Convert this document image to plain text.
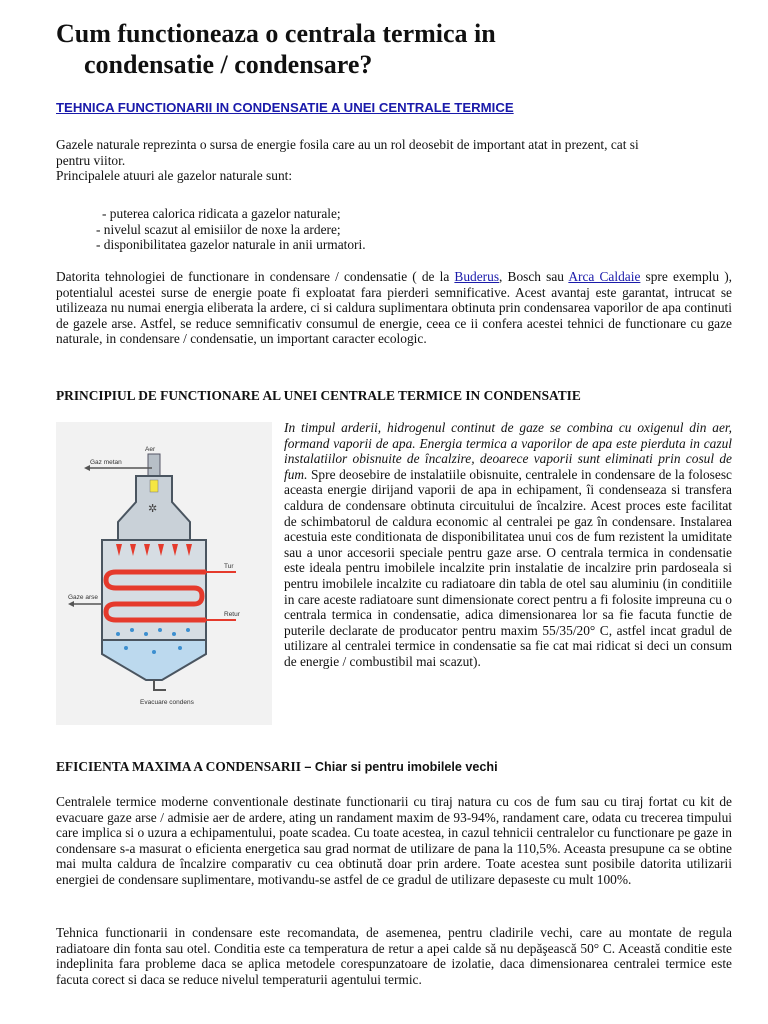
Cum functioneaza o centrala termica in
condensatie / condensare?
TEHNICA FUNCTIONARII IN CONDENSATIE A UNEI CENTRALE TERMICE

Gazele naturale reprezinta o sursa de energie fosila care au un rol deosebit de important atat in prezent, cat si

pentru viitor.

Principalele atuuri ale gazelor naturale sunt:

- puterea calorica ridicata a gazelor naturale;

- nivelul scazut al emisiilor de noxe la ardere;

- disponibilitatea gazelor naturale in anii urmatori.

Datorita tehnologiei de functionare in condensare / condensatie ( de la Buderus, Bosch sau Arca Caldaie spre exemplu ), potentialul acestei surse de energie poate fi exploatat fara pierderi semnificative. Acest avantaj este garantat, intrucat se utilizeaza nu numai energia eliberata la ardere, ci si caldura suplimentara obtinuta prin condensarea vaporilor de apa continuti de gazele arse. Astfel, se reduce semnificativ consumul de energie, ceea ce ii confera acestei tehnici de functionare cu gaze naturale, in condensare / condensatie, un important caracter ecologic.

PRINCIPIUL DE FUNCTIONARE AL UNEI CENTRALE TERMICE IN CONDENSATIE
Aer
Gaz metan
✲
Tur
Retur
Gaze arse
Evacuare condens

In timpul arderii, hidrogenul continut de gaze se combina cu oxigenul din aer, formand vaporii de apa. Energia termica a vaporilor de apa este pierduta in cazul instalatiilor obisnuite de încalzire, deoarece vaporii sunt eliminati prin cosul de fum. Spre deosebire de instalatiile obisnuite, centralele in condensare de la folosesc aceasta energie dirijand vaporii de apa in echipament, îi condenseaza si transfera caldura de condensare obtinuta circuitului de încalzire. Acest proces este facilitat de schimbatorul de caldura economic al centralei pe gaz în condensare. Instalarea acestuia este conditionata de disponibilitatea unui cos de fum rezistent la umiditate sau a unor accesorii speciale pentru gaze arse. O centrala termica in condensatie este ideala pentru imobilele incalzite prin instalatie de incalzire prin pardoseala si pentru imobilele incalzite cu radiatoare din tabla de otel sau aluminiu (in conditiile in care aceste radiatoare sunt dimensionate corect pentru a fi folosite impreuna cu o centrala termica in condensatie, adica dimensionarea lor sa fie facuta functie de puterile declarate de producator pentru maxim 55/35/20° C, astfel incat gradul de utilizare al centralei termice in condensatie sa fie cat mai ridicat si deci un consum de energie / combustibil mai scazut).

EFICIENTA MAXIMA A CONDENSARII – Chiar si pentru imobilele vechi

Centralele termice moderne conventionale destinate functionarii cu tiraj natura cu cos de fum sau cu tiraj fortat cu kit de evacuare gaze arse / admisie aer de ardere, ating un randament maxim de 93-94%, randament care, odata cu trecerea timpului care implica si o uzura a echipamentului, poate scadea. Cu toate acestea, in cazul tehnicii centralelor cu functionare pe gaze in condensare s-a masurat o eficienta energetica sau grad normat de utilizare de pana la 110,5%. Aceasta presupune ca se obtine mai multa caldura de încalzire comparativ cu cea obtinută doar prin ardere. Toate acestea sunt posibile datorita utilizarii energiei de condensare suplimentare, motivandu-se astfel de ce gradul de utilizare depaseste cu mult 100%.

Tehnica functionarii in condensare este recomandata, de asemenea, pentru cladirile vechi, care au montate de regula radiatoare din fonta sau otel. Conditia este ca temperatura de retur a apei calde să nu depăşească 50° C. Această conditie este indeplinita fara probleme daca se aplica metodele corespunzatoare de izolatie, daca dimensionarea centralei termice este facuta corect si daca se reduce nivelul temperaturii agentului termic.
